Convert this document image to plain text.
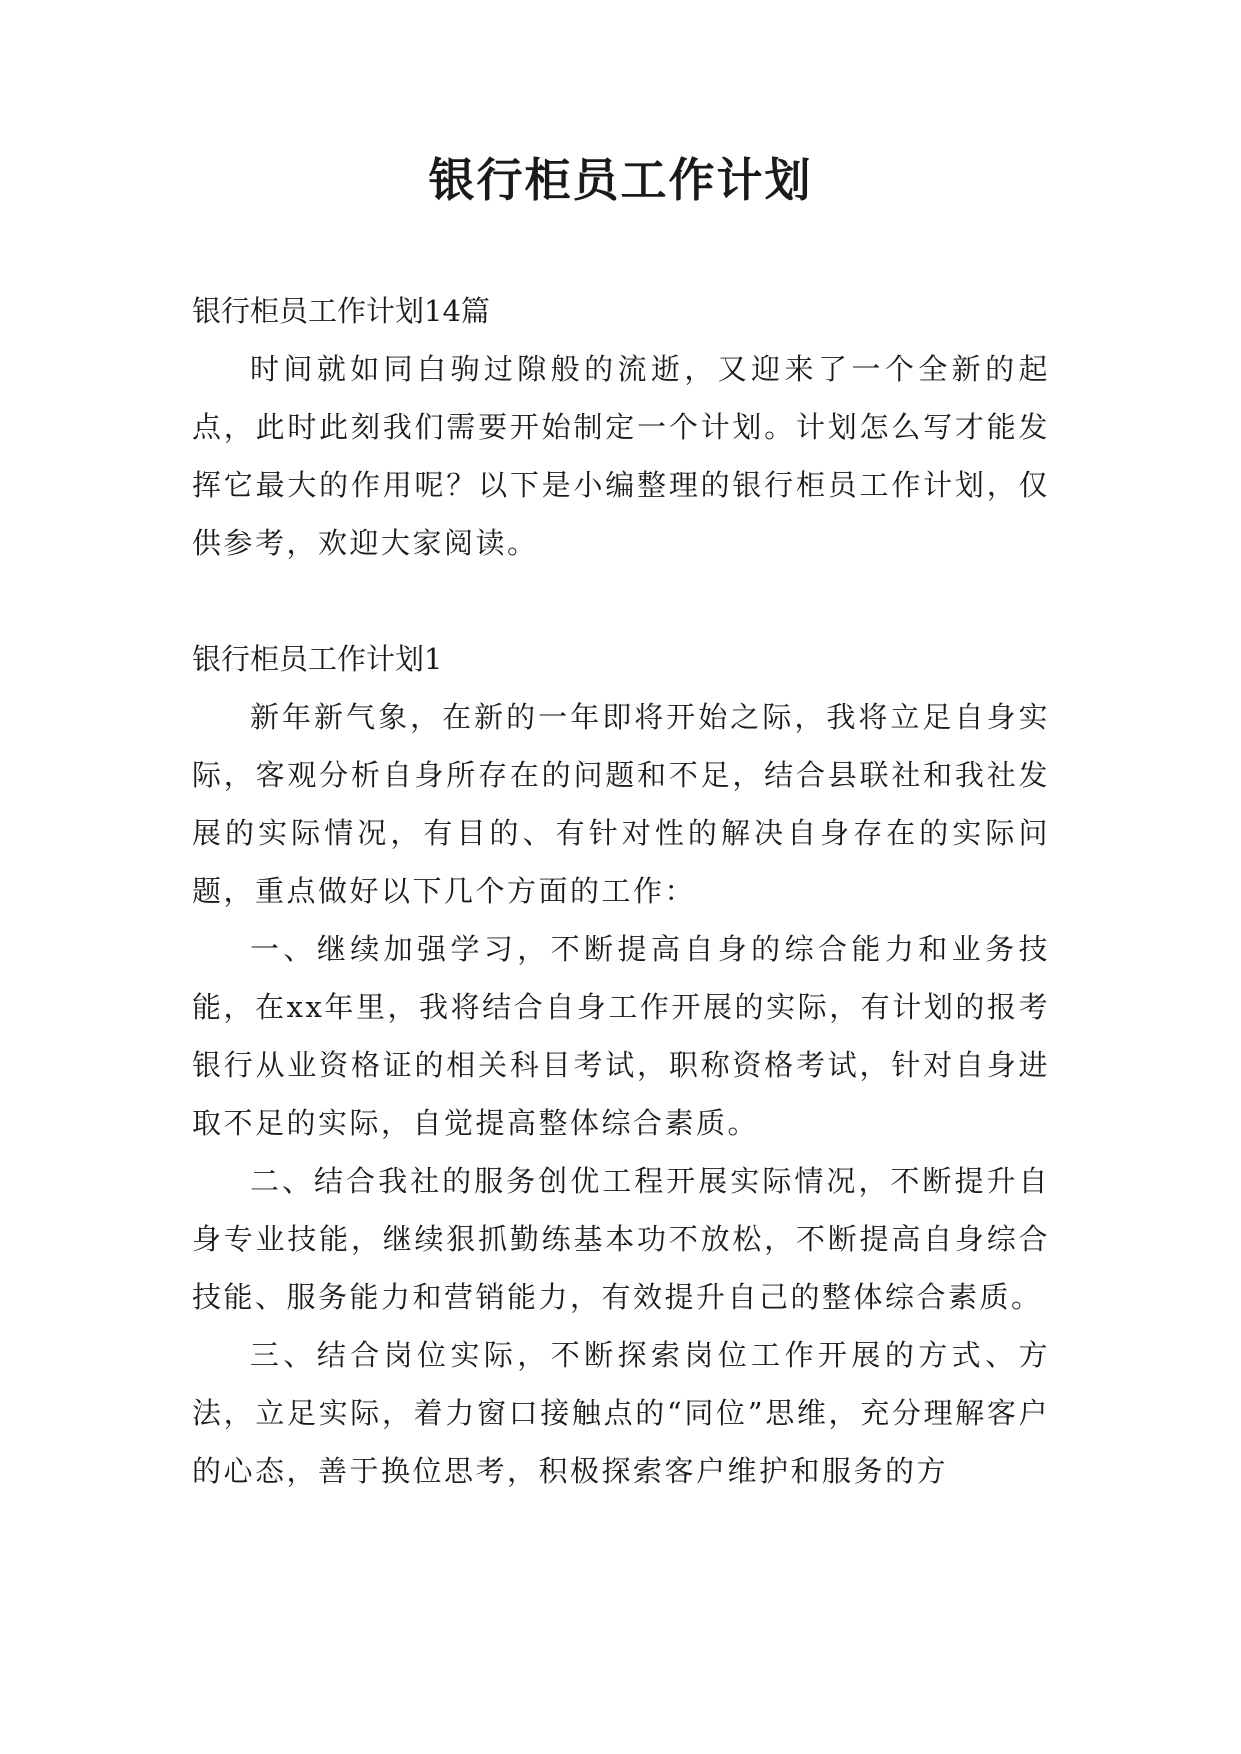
银行柜员工作计划

银行柜员工作计划14篇

时间就如同白驹过隙般的流逝，又迎来了一个全新的起点，此时此刻我们需要开始制定一个计划。计划怎么写才能发挥它最大的作用呢？以下是小编整理的银行柜员工作计划，仅供参考，欢迎大家阅读。

银行柜员工作计划1

新年新气象，在新的一年即将开始之际，我将立足自身实际，客观分析自身所存在的问题和不足，结合县联社和我社发展的实际情况，有目的、有针对性的解决自身存在的实际问题，重点做好以下几个方面的工作：

一、继续加强学习，不断提高自身的综合能力和业务技能，在xx年里，我将结合自身工作开展的实际，有计划的报考银行从业资格证的相关科目考试，职称资格考试，针对自身进取不足的实际，自觉提高整体综合素质。

二、结合我社的服务创优工程开展实际情况，不断提升自身专业技能，继续狠抓勤练基本功不放松，不断提高自身综合技能、服务能力和营销能力，有效提升自己的整体综合素质。

三、结合岗位实际，不断探索岗位工作开展的方式、方法，立足实际，着力窗口接触点的“同位”思维，充分理解客户的心态，善于换位思考，积极探索客户维护和服务的方
